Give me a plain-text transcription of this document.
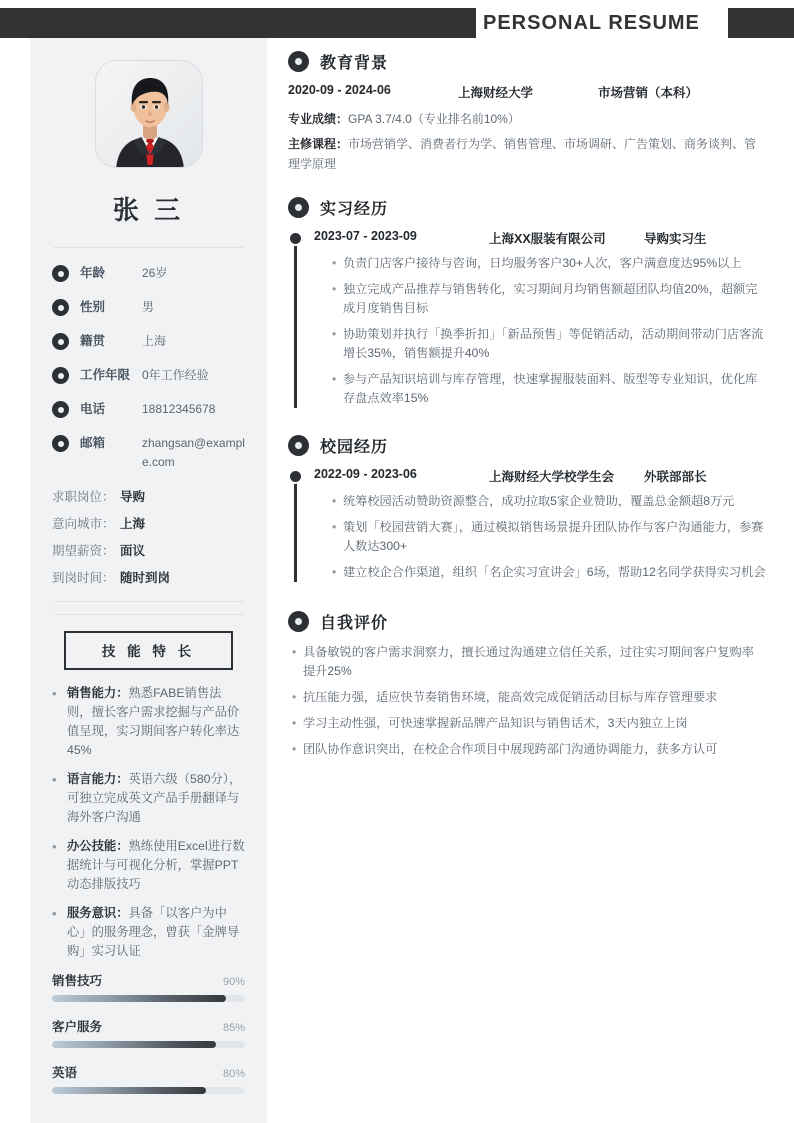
PERSONAL RESUME
张 三
年龄	26岁
性别	男
籍贯	上海
工作年限 0年工作经验
电话	18812345678
邮箱	zhangsan@example.com
求职岗位： 导购
意向城市： 上海
期望薪资： 面议
到岗时间： 随时到岗
技 能 特 长
• 销售能力：熟悉FABE销售法则，擅长客户需求挖掘与产品价值呈现，实习期间客户转化率达45%
• 语言能力：英语六级（580分），可独立完成英文产品手册翻译与海外客户沟通
• 办公技能：熟练使用Excel进行数据统计与可视化分析，掌握PPT动态排版技巧
• 服务意识：具备「以客户为中心」的服务理念，曾获「金牌导购」实习认证
销售技巧	90%
客户服务	85%
英语	80%
教育背景
2020-09 - 2024-06	上海财经大学	市场营销（本科）
专业成绩：GPA 3.7/4.0（专业排名前10%）
主修课程：市场营销学、消费者行为学、销售管理、市场调研、广告策划、商务谈判、管理学原理
实习经历
2023-07 - 2023-09	上海XX服装有限公司	导购实习生
• 负责门店客户接待与咨询，日均服务客户30+人次，客户满意度达95%以上
• 独立完成产品推荐与销售转化，实习期间月均销售额超团队均值20%，超额完成月度销售目标
• 协助策划并执行「换季折扣」「新品预售」等促销活动，活动期间带动门店客流增长35%，销售额提升40%
• 参与产品知识培训与库存管理，快速掌握服装面料、版型等专业知识，优化库存盘点效率15%
校园经历
2022-09 - 2023-06	上海财经大学校学生会	外联部部长
• 统筹校园活动赞助资源整合，成功拉取5家企业赞助，覆盖总金额超8万元
• 策划「校园营销大赛」，通过模拟销售场景提升团队协作与客户沟通能力，参赛人数达300+
• 建立校企合作渠道，组织「名企实习宣讲会」6场，帮助12名同学获得实习机会
自我评价
• 具备敏锐的客户需求洞察力，擅长通过沟通建立信任关系，过往实习期间客户复购率提升25%
• 抗压能力强，适应快节奏销售环境，能高效完成促销活动目标与库存管理要求
• 学习主动性强，可快速掌握新品牌产品知识与销售话术，3天内独立上岗
• 团队协作意识突出，在校企合作项目中展现跨部门沟通协调能力，获多方认可
